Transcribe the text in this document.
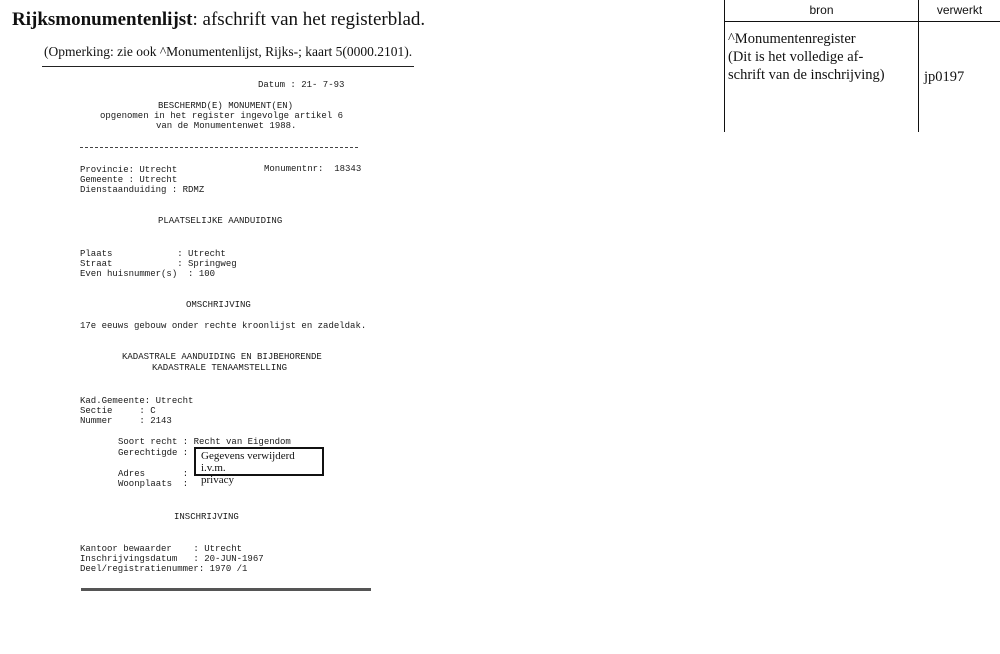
Rijksmonumentenlijst: afschrift van het registerblad.
(Opmerking: zie ook ^Monumentenlijst, Rijks-; kaart 5(0000.2101).
Datum : 21- 7-93
BESCHERMD(E) MONUMENT(EN)
opgenomen in het register ingevolge artikel 6
van de Monumentenwet 1988.
Provincie: Utrecht	Monumentnr:  18343
Gemeente : Utrecht
Dienstaanduiding : RDMZ
PLAATSELIJKE AANDUIDING
Plaats            : Utrecht
Straat            : Springweg
Even huisnummer(s)  : 100
OMSCHRIJVING
17e eeuws gebouw onder rechte kroonlijst en zadeldak.
KADASTRALE AANDUIDING EN BIJBEHORENDE
KADASTRALE TENAAMSTELLING
Kad.Gemeente: Utrecht
Sectie     : C
Nummer     : 2143
Soort recht : Recht van Eigendom
Gerechtigde :
Adres       :
Woonplaats  :
INSCHRIJVING
Kantoor bewaarder    : Utrecht
Inschrijvingsdatum   : 20-JUN-1967
Deel/registratienummer: 1970 /1
Gegevens verwijderd i.v.m.
privacy
bron	verwerkt
^Monumentenregister
(Dit is het volledige af-
schrift van de inschrijving)	jp0197
